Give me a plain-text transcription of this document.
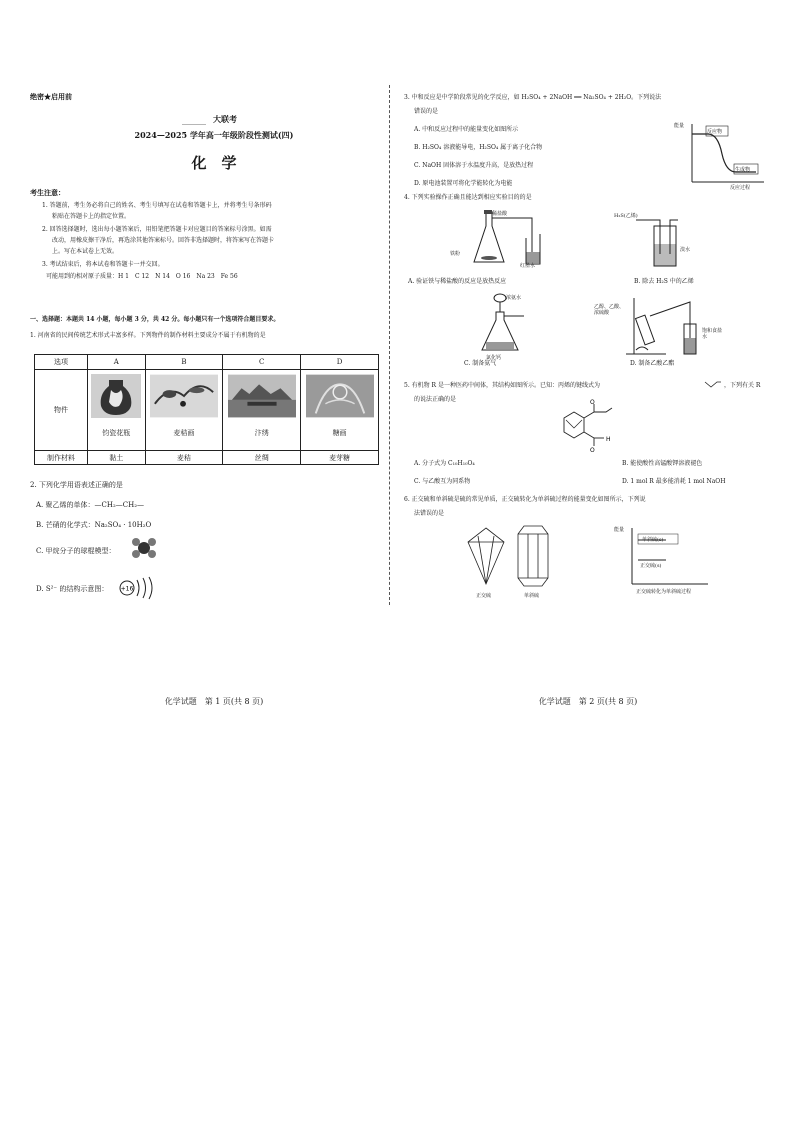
绝密★启用前
______ 大联考
2024—2025 学年高一年级阶段性测试(四)
化　学
考生注意：
1. 答题前，考生务必将自己的姓名、考生号填写在试卷和答题卡上，并将考生号条形码
粘贴在答题卡上的指定位置。
2. 回答选择题时，选出每小题答案后，用铅笔把答题卡对应题目的答案标号涂黑。如需
改动，用橡皮擦干净后，再选涂其他答案标号。回答非选择题时，将答案写在答题卡
上。写在本试卷上无效。
3. 考试结束后，将本试卷和答题卡一并交回。
可能用到的相对原子质量：H 1　C 12　N 14　O 16　Na 23　Fe 56
一、选择题：本题共 14 小题，每小题 3 分，共 42 分。每小题只有一个选项符合题目要求。
1. 河南省的民间传统艺术形式丰富多样。下列物件的制作材料主要成分不属于有机物的是
选项	A	B	C	D
物件	钧瓷花瓶	麦秸画	汴绣	糖画

制作材料	黏土	麦秸	丝绸	麦芽糖
2. 下列化学用语表述正确的是
A. 聚乙烯的单体：—CH₂—CH₂—
B. 芒硝的化学式：Na₂SO₄ · 10H₂O
C. 甲烷分子的球棍模型：
D. S²⁻ 的结构示意图： +16
化学试题　第 1 页(共 8 页)
3. 中和反应是中学阶段常见的化学反应，如 H₂SO₄ + 2NaOH ══ Na₂SO₄ + 2H₂O。下列说法
错误的是
A. 中和反应过程中的能量变化如图所示
B. H₂SO₄ 溶液能导电，H₂SO₄ 属于离子化合物
C. NaOH 固体溶于水温度升高，是放热过程
D. 原电池装置可将化学能转化为电能
能量
反应物
生成物
反应过程
4. 下列实验操作正确且能达到相应实验目的的是
稀盐酸
铁粉
红墨水
H₂S(乙烯)
溴水
A. 验证铁与稀盐酸的反应是放热反应	B. 除去 H₂S 中的乙烯
浓氨水
氯化钙
乙醇、乙酸、浓硫酸
饱和食盐水
C. 制备氨气	D. 制备乙酸乙酯
5. 有机物 R 是一种医药中间体，其结构如图所示。已知：丙烯的键线式为	，下列有关 R
的说法正确的是	O
O
H
A. 分子式为 C₁₀H₁₀O₄	B. 能使酸性高锰酸钾溶液褪色
C. 与乙酸互为同系物	D. 1 mol R 最多能消耗 1 mol NaOH
6. 正交硫和单斜硫是硫的常见单质，正交硫转化为单斜硫过程的能量变化如图所示，下列说
法错误的是
正交硫	单斜硫
能量
单斜硫(s)
正交硫(s)
正交硫转化为单斜硫过程
化学试题　第 2 页(共 8 页)
